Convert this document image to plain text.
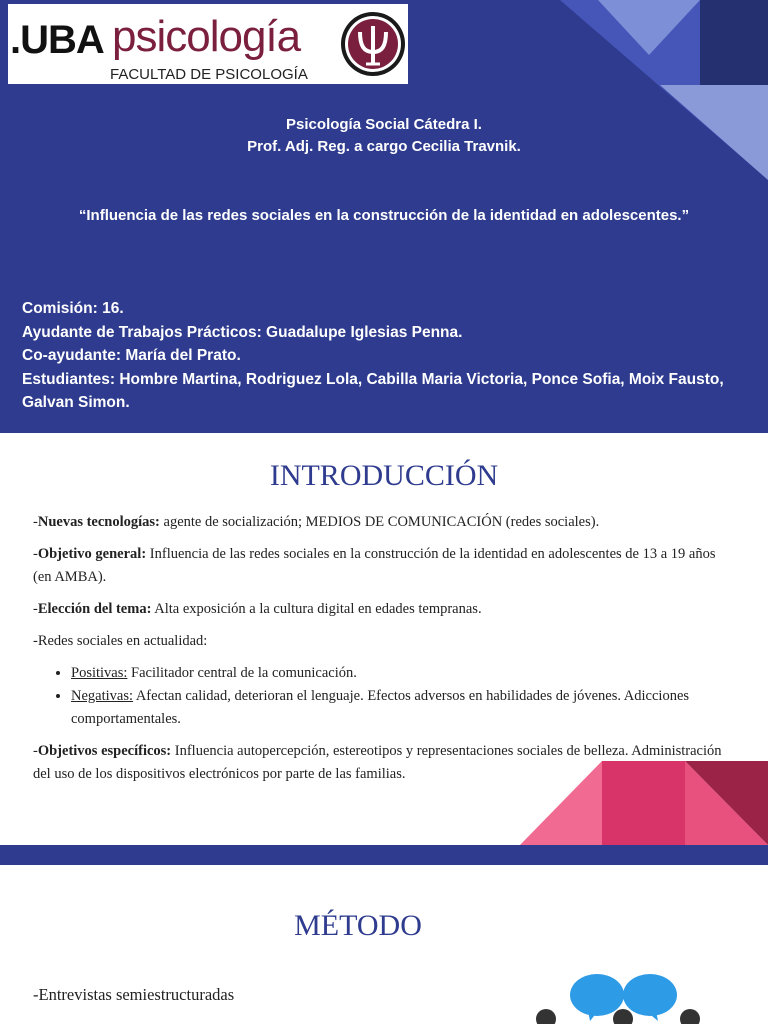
.UBA psicología
FACULTAD DE PSICOLOGÍA
Psicología Social Cátedra I.
Prof. Adj. Reg. a cargo Cecilia Travnik.
“Influencia de las redes sociales en la construcción de la identidad en adolescentes.”
Comisión: 16.
Ayudante de Trabajos Prácticos: Guadalupe Iglesias Penna.
Co-ayudante: María del Prato.
Estudiantes: Hombre Martina, Rodriguez Lola, Cabilla Maria Victoria, Ponce Sofia, Moix Fausto, Galvan Simon.
INTRODUCCIÓN

-Nuevas tecnologías: agente de socialización; MEDIOS DE COMUNICACIÓN (redes sociales).

-Objetivo general: Influencia de las redes sociales en la construcción de la identidad en adolescentes de 13 a 19 años (en AMBA).

-Elección del tema: Alta exposición a la cultura digital en edades tempranas.

-Redes sociales en actualidad:

• Positivas: Facilitador central de la comunicación.
• Negativas: Afectan calidad, deterioran el lenguaje. Efectos adversos en habilidades de jóvenes. Adicciones comportamentales.

-Objetivos específicos: Influencia autopercepción, estereotipos y representaciones sociales de belleza. Administración del uso de los dispositivos electrónicos por parte de las familias.

MÉTODO
-Entrevistas semiestructuradas
